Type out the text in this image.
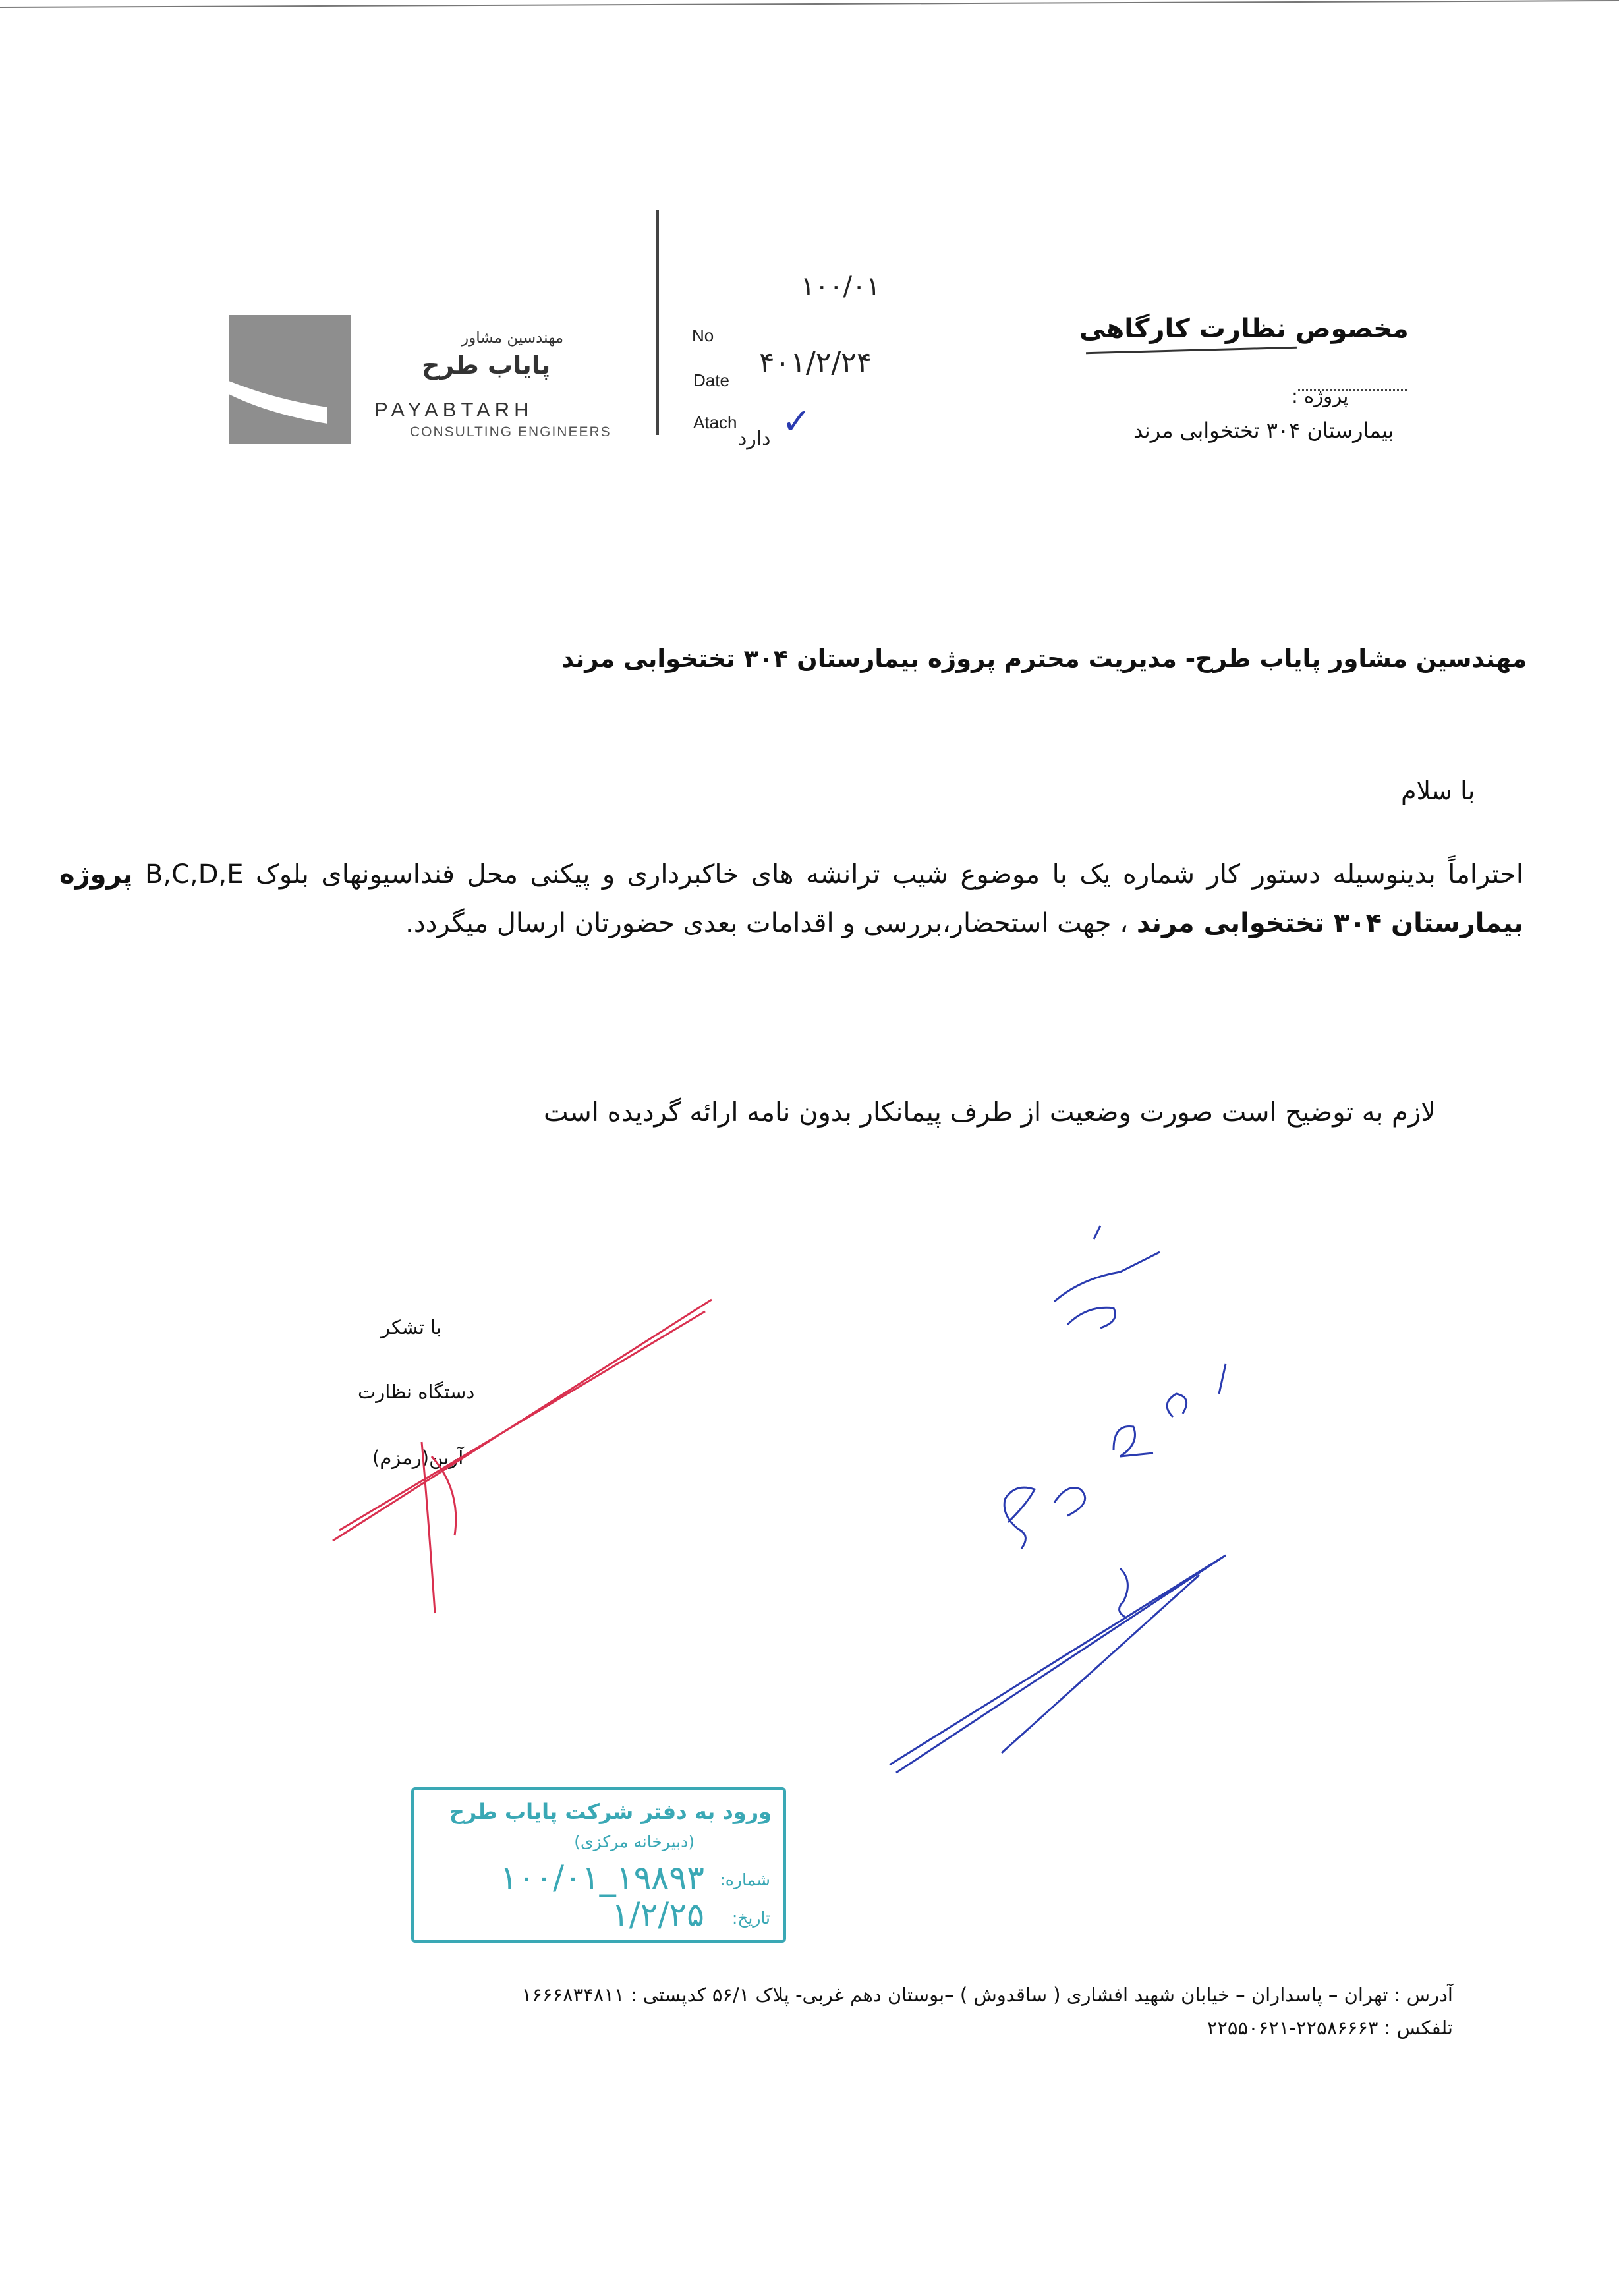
مهندسین مشاور
پایاب طرح
PAYABTARH
CONSULTING ENGINEERS
No
Date
Atach
۱۰۰/۰۱
۴۰۱/۲/۲۴
دارد ✓
مخصوص نظارت کارگاهی
پروژه :
بیمارستان ۳۰۴ تختخوابی مرند
مهندسین مشاور پایاب طرح- مدیریت محترم پروژه بیمارستان ۳۰۴ تختخوابی مرند
با سلام
احتراماً بدینوسیله دستور کار شماره یک با موضوع شیب ترانشه های خاکبرداری و پیکنی محل فنداسیونهای بلوک B,C,D,E پروژه بیمارستان ۳۰۴ تختخوابی مرند ، جهت استحضار،بررسی و اقدامات بعدی حضورتان ارسال میگردد.
لازم به توضیح است صورت وضعیت از طرف پیمانکار بدون نامه ارائه گردیده است
با تشکر
دستگاه نظارت
آرین(رمزم)
ورود به دفتر شرکت پایاب طرح
(دبیرخانه مرکزی)
شماره:
۱۰۰/۰۱_۱۹۸۹۳
تاریخ:
۱/۲/۲۵
آدرس : تهران – پاسداران – خیابان شهید افشاری ( ساقدوش ) –بوستان دهم غربی- پلاک ۵۶/۱ کدپستی : ۱۶۶۶۸۳۴۸۱۱
تلفکس : ۲۲۵۸۶۶۶۳-۲۲۵۵۰۶۲۱
